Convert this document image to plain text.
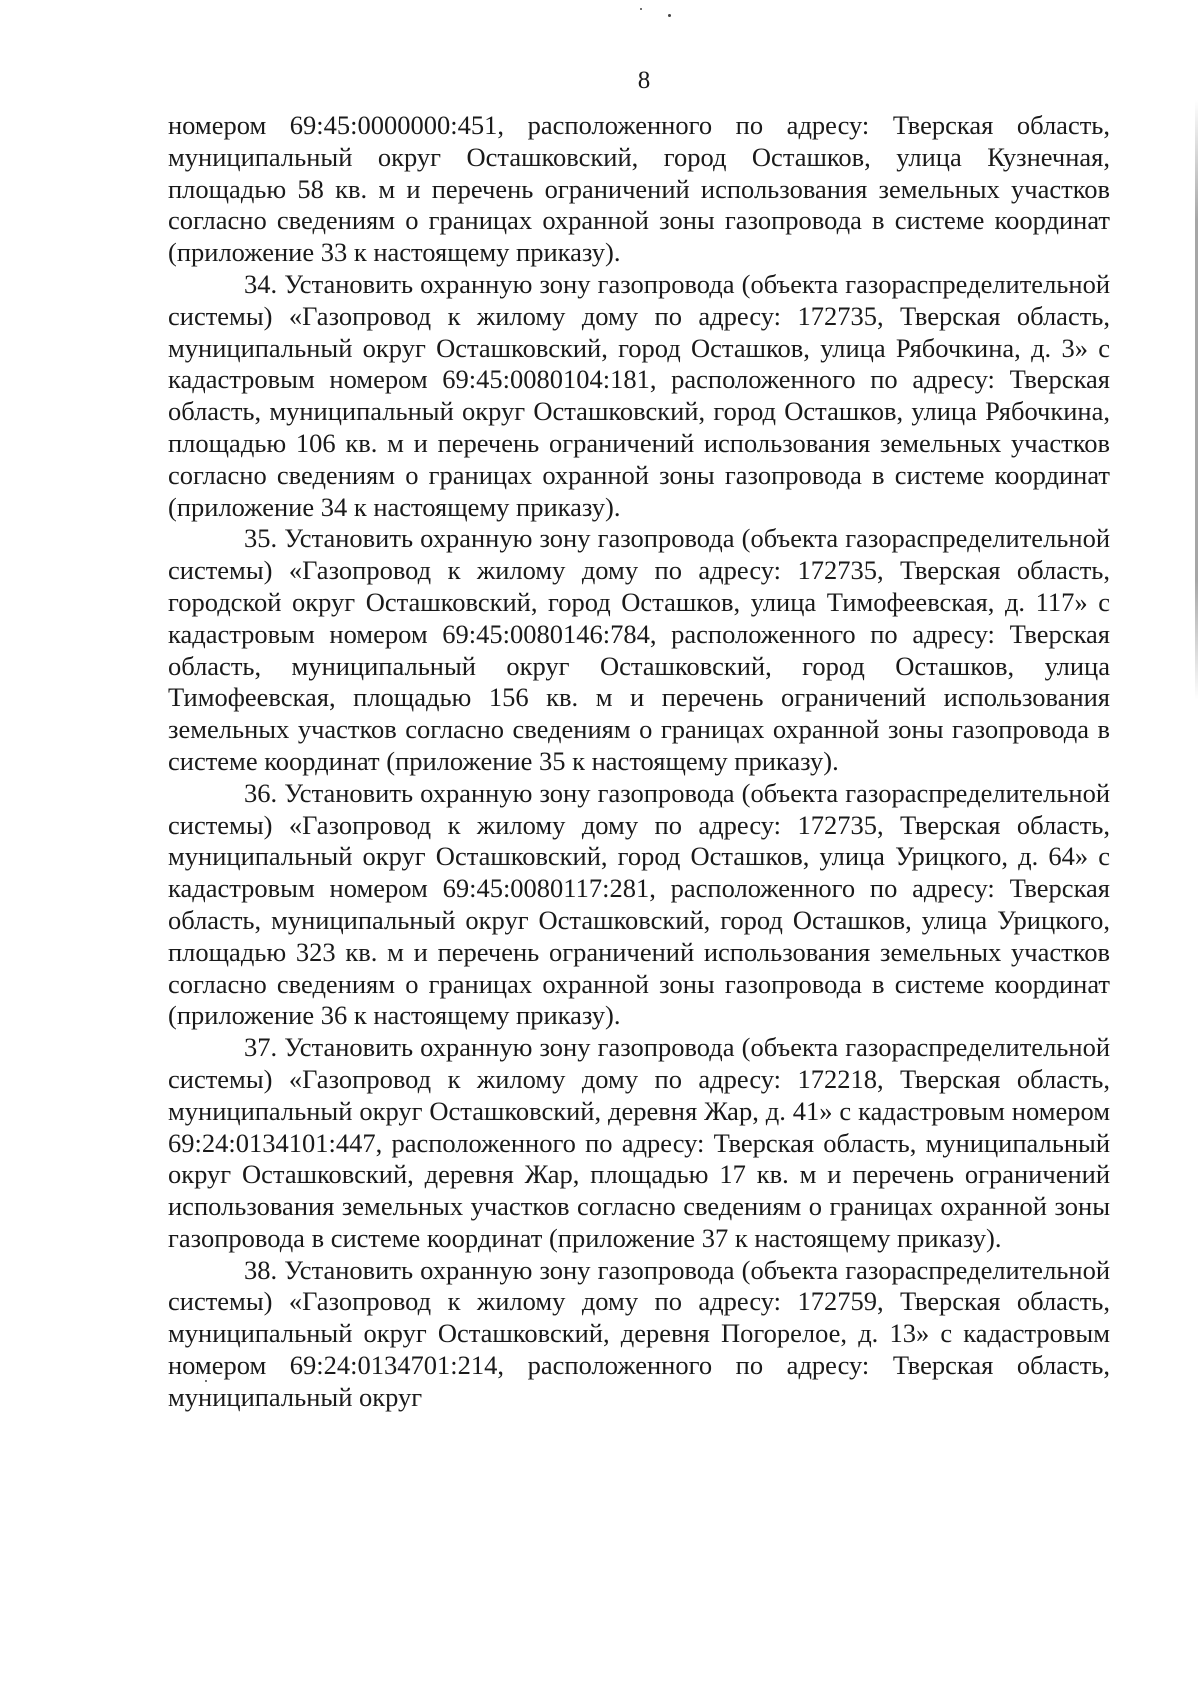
8

номером 69:45:0000000:451, расположенного по адресу: Тверская область, муниципальный округ Осташковский, город Осташков, улица Кузнечная, площадью 58 кв. м и перечень ограничений использования земельных участков согласно сведениям о границах охранной зоны газопровода в системе координат (приложение 33 к настоящему приказу).

34. Установить охранную зону газопровода (объекта газораспределительной системы) «Газопровод к жилому дому по адресу: 172735, Тверская область, муниципальный округ Осташковский, город Осташков, улица Рябочкина, д. 3» с кадастровым номером 69:45:0080104:181, расположенного по адресу: Тверская область, муниципальный округ Осташковский, город Осташков, улица Рябочкина, площадью 106 кв. м и перечень ограничений использования земельных участков согласно сведениям о границах охранной зоны газопровода в системе координат (приложение 34 к настоящему приказу).

35. Установить охранную зону газопровода (объекта газораспределительной системы) «Газопровод к жилому дому по адресу: 172735, Тверская область, городской округ Осташковский, город Осташков, улица Тимофеевская, д. 117» с кадастровым номером 69:45:0080146:784, расположенного по адресу: Тверская область, муниципальный округ Осташковский, город Осташков, улица Тимофеевская, площадью 156 кв. м и перечень ограничений использования земельных участков согласно сведениям о границах охранной зоны газопровода в системе координат (приложение 35 к настоящему приказу).

36. Установить охранную зону газопровода (объекта газораспределительной системы) «Газопровод к жилому дому по адресу: 172735, Тверская область, муниципальный округ Осташковский, город Осташков, улица Урицкого, д. 64» с кадастровым номером 69:45:0080117:281, расположенного по адресу: Тверская область, муниципальный округ Осташковский, город Осташков, улица Урицкого, площадью 323 кв. м и перечень ограничений использования земельных участков согласно сведениям о границах охранной зоны газопровода в системе координат (приложение 36 к настоящему приказу).

37. Установить охранную зону газопровода (объекта газораспределительной системы) «Газопровод к жилому дому по адресу: 172218, Тверская область, муниципальный округ Осташковский, деревня Жар, д. 41» с кадастровым номером 69:24:0134101:447, расположенного по адресу: Тверская область, муниципальный округ Осташковский, деревня Жар, площадью 17 кв. м и перечень ограничений использования земельных участков согласно сведениям о границах охранной зоны газопровода в системе координат (приложение 37 к настоящему приказу).

38. Установить охранную зону газопровода (объекта газораспределительной системы) «Газопровод к жилому дому по адресу: 172759, Тверская область, муниципальный округ Осташковский, деревня Погорелое, д. 13» с кадастровым номером 69:24:0134701:214, расположенного по адресу: Тверская область, муниципальный округ
